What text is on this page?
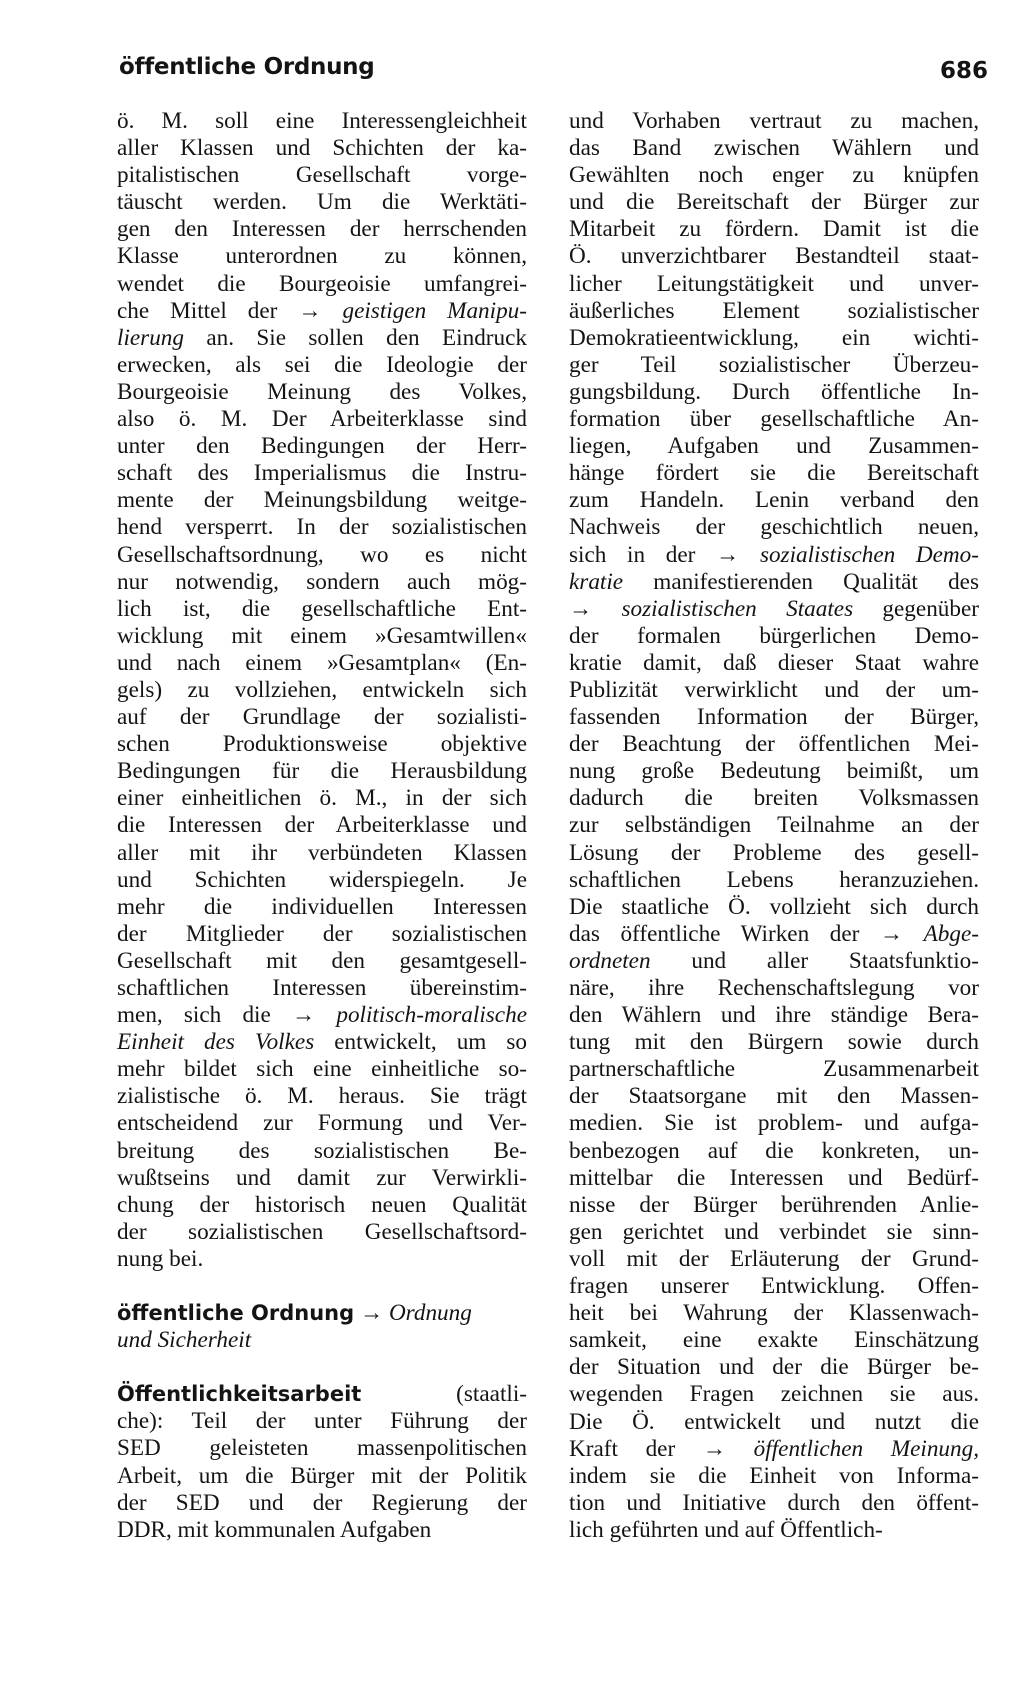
öffentliche Ordnung	686
ö. M. soll eine Interessengleichheit
aller Klassen und Schichten der ka-
pitalistischen Gesellschaft vorge-
täuscht werden. Um die Werktäti-
gen den Interessen der herrschenden
Klasse unterordnen zu können,
wendet die Bourgeoisie umfangrei-
che Mittel der → geistigen Manipu-
lierung an. Sie sollen den Eindruck
erwecken, als sei die Ideologie der
Bourgeoisie Meinung des Volkes,
also ö. M. Der Arbeiterklasse sind
unter den Bedingungen der Herr-
schaft des Imperialismus die Instru-
mente der Meinungsbildung weitge-
hend versperrt. In der sozialistischen
Gesellschaftsordnung, wo es nicht
nur notwendig, sondern auch mög-
lich ist, die gesellschaftliche Ent-
wicklung mit einem »Gesamtwillen«
und nach einem »Gesamtplan« (En-
gels) zu vollziehen, entwickeln sich
auf der Grundlage der sozialisti-
schen Produktionsweise objektive
Bedingungen für die Herausbildung
einer einheitlichen ö. M., in der sich
die Interessen der Arbeiterklasse und
aller mit ihr verbündeten Klassen
und Schichten widerspiegeln. Je
mehr die individuellen Interessen
der Mitglieder der sozialistischen
Gesellschaft mit den gesamtgesell-
schaftlichen Interessen übereinstim-
men, sich die → politisch-moralische
Einheit des Volkes entwickelt, um so
mehr bildet sich eine einheitliche so-
zialistische ö. M. heraus. Sie trägt
entscheidend zur Formung und Ver-
breitung des sozialistischen Be-
wußtseins und damit zur Verwirkli-
chung der historisch neuen Qualität
der sozialistischen Gesellschaftsord-
nung bei.
öffentliche Ordnung → Ordnung
und Sicherheit
Öffentlichkeitsarbeit	(staatli-
che): Teil der unter Führung der
SED geleisteten massenpolitischen
Arbeit, um die Bürger mit der Politik
der SED und der Regierung der
DDR, mit kommunalen Aufgaben
und Vorhaben vertraut zu machen,
das Band zwischen Wählern und
Gewählten noch enger zu knüpfen
und die Bereitschaft der Bürger zur
Mitarbeit zu fördern. Damit ist die
Ö. unverzichtbarer Bestandteil staat-
licher Leitungstätigkeit und unver-
äußerliches Element sozialistischer
Demokratieentwicklung, ein wichti-
ger Teil sozialistischer Überzeu-
gungsbildung. Durch öffentliche In-
formation über gesellschaftliche An-
liegen, Aufgaben und Zusammen-
hänge fördert sie die Bereitschaft
zum Handeln. Lenin verband den
Nachweis der geschichtlich neuen,
sich in der → sozialistischen Demo-
kratie manifestierenden Qualität des
→ sozialistischen Staates gegenüber
der formalen bürgerlichen Demo-
kratie damit, daß dieser Staat wahre
Publizität verwirklicht und der um-
fassenden Information der Bürger,
der Beachtung der öffentlichen Mei-
nung große Bedeutung beimißt, um
dadurch die breiten Volksmassen
zur selbständigen Teilnahme an der
Lösung der Probleme des gesell-
schaftlichen Lebens heranzuziehen.
Die staatliche Ö. vollzieht sich durch
das öffentliche Wirken der → Abge-
ordneten und aller Staatsfunktio-
näre, ihre Rechenschaftslegung vor
den Wählern und ihre ständige Bera-
tung mit den Bürgern sowie durch
partnerschaftliche Zusammenarbeit
der Staatsorgane mit den Massen-
medien. Sie ist problem- und aufga-
benbezogen auf die konkreten, un-
mittelbar die Interessen und Bedürf-
nisse der Bürger berührenden Anlie-
gen gerichtet und verbindet sie sinn-
voll mit der Erläuterung der Grund-
fragen unserer Entwicklung. Offen-
heit bei Wahrung der Klassenwach-
samkeit, eine exakte Einschätzung
der Situation und der die Bürger be-
wegenden Fragen zeichnen sie aus.
Die Ö. entwickelt und nutzt die
Kraft der → öffentlichen Meinung,
indem sie die Einheit von Informa-
tion und Initiative durch den öffent-
lich geführten und auf Öffentlich-
